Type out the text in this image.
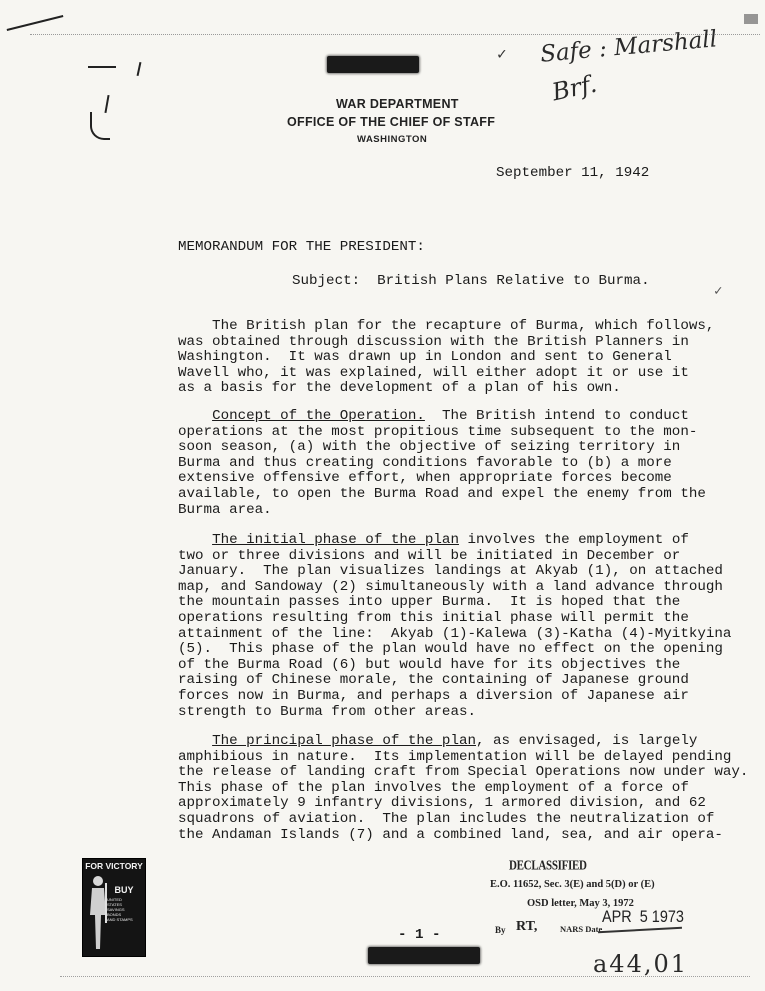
Safe : Marshall
Brf.
✓
✓
WAR DEPARTMENT
OFFICE OF THE CHIEF OF STAFF
WASHINGTON
September 11, 1942
MEMORANDUM FOR THE PRESIDENT:
Subject:  British Plans Relative to Burma.
The British plan for the recapture of Burma, which follows,
was obtained through discussion with the British Planners in
Washington.  It was drawn up in London and sent to General
Wavell who, it was explained, will either adopt it or use it
as a basis for the development of a plan of his own.
Concept of the Operation.  The British intend to conduct
operations at the most propitious time subsequent to the mon-
soon season, (a) with the objective of seizing territory in
Burma and thus creating conditions favorable to (b) a more
extensive offensive effort, when appropriate forces become
available, to open the Burma Road and expel the enemy from the
Burma area.
The initial phase of the plan involves the employment of
two or three divisions and will be initiated in December or
January.  The plan visualizes landings at Akyab (1), on attached
map, and Sandoway (2) simultaneously with a land advance through
the mountain passes into upper Burma.  It is hoped that the
operations resulting from this initial phase will permit the
attainment of the line:  Akyab (1)-Kalewa (3)-Katha (4)-Myitkyina
(5).  This phase of the plan would have no effect on the opening
of the Burma Road (6) but would have for its objectives the
raising of Chinese morale, the containing of Japanese ground
forces now in Burma, and perhaps a diversion of Japanese air
strength to Burma from other areas.
The principal phase of the plan, as envisaged, is largely
amphibious in nature.  Its implementation will be delayed pending
the release of landing craft from Special Operations now under way.
This phase of the plan involves the employment of a force of
approximately 9 infantry divisions, 1 armored division, and 62
squadrons of aviation.  The plan includes the neutralization of
the Andaman Islands (7) and a combined land, sea, and air opera-
FOR VICTORY
BUY
UNITED
STATES
SAVINGS
BONDS
AND STAMPS
DECLASSIFIED
E.O. 11652, Sec. 3(E) and 5(D) or (E)
OSD letter, May 3, 1972
By RT,	NARS Date
APR  5 1973
- 1 -
a44,01
